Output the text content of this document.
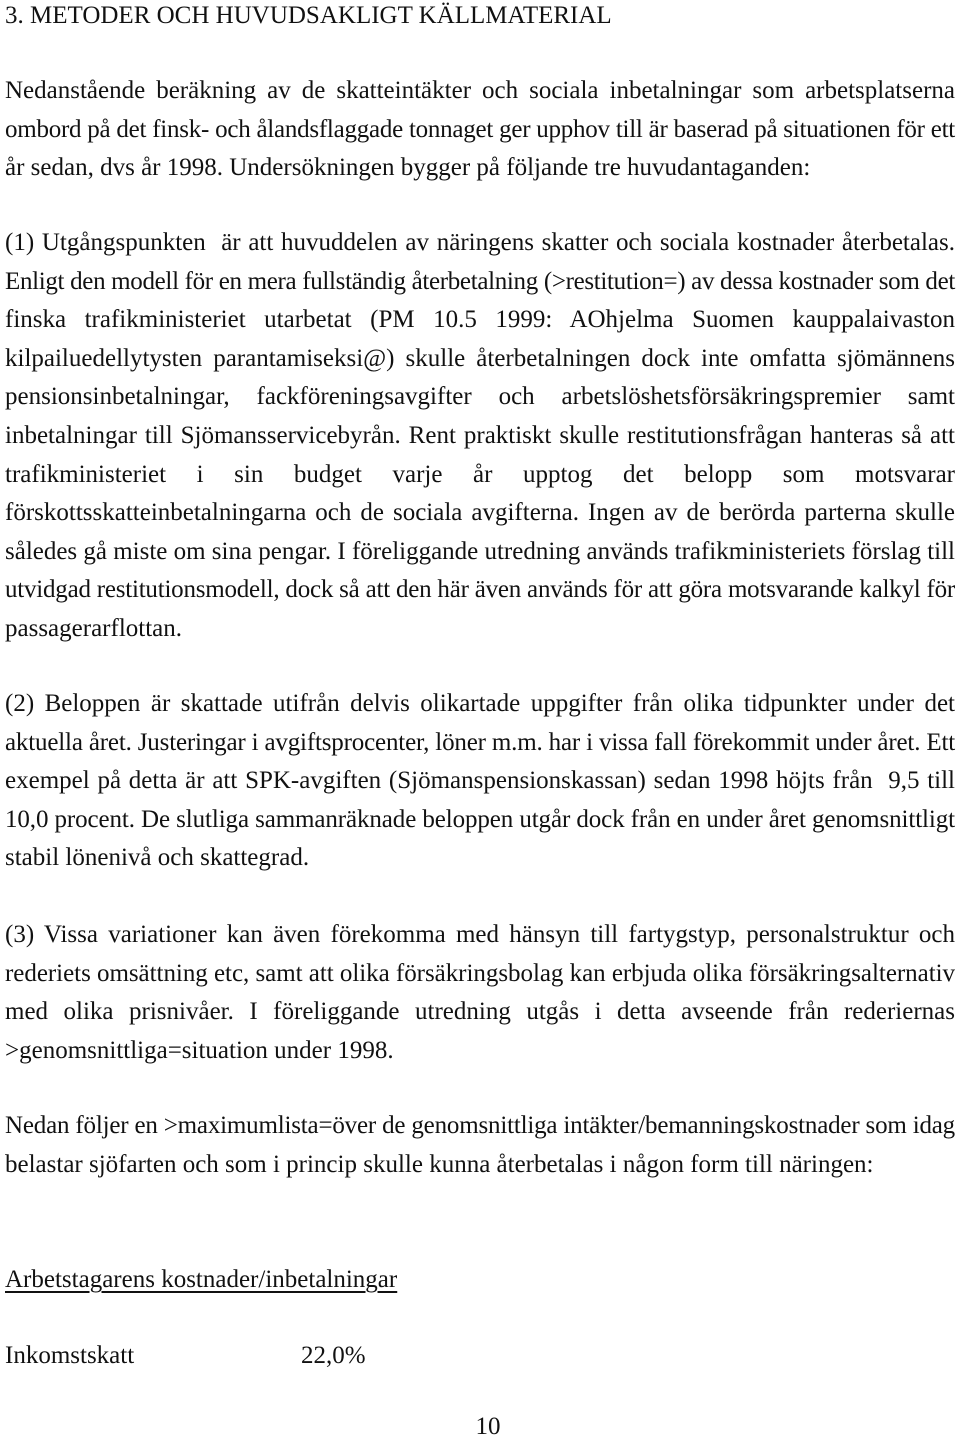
3. METODER OCH HUVUDSAKLIGT KÄLLMATERIAL
Nedanstående beräkning av de skatteintäkter och sociala inbetalningar som arbetsplatserna
ombord på det finsk- och ålandsflaggade tonnaget ger upphov till är baserad på situationen för ett
år sedan, dvs år 1998. Undersökningen bygger på följande tre huvudantaganden:
(1) Utgångspunkten  är att huvuddelen av näringens skatter och sociala kostnader återbetalas.
Enligt den modell för en mera fullständig återbetalning (>restitution=) av dessa kostnader som det
finska trafikministeriet utarbetat (PM 10.5 1999: AOhjelma Suomen kauppalaivaston
kilpailuedellytysten parantamiseksi@) skulle återbetalningen dock inte omfatta sjömännens
pensionsinbetalningar, fackföreningsavgifter och arbetslöshetsförsäkringspremier samt
inbetalningar till Sjömansservicebyrån. Rent praktiskt skulle restitutionsfrågan hanteras så att
trafikministeriet i sin budget varje år upptog det belopp som motsvarar
förskottsskatteinbetalningarna och de sociala avgifterna. Ingen av de berörda parterna skulle
således gå miste om sina pengar. I föreliggande utredning används trafikministeriets förslag till
utvidgad restitutionsmodell, dock så att den här även används för att göra motsvarande kalkyl för
passagerarflottan.
(2) Beloppen är skattade utifrån delvis olikartade uppgifter från olika tidpunkter under det
aktuella året. Justeringar i avgiftsprocenter, löner m.m. har i vissa fall förekommit under året. Ett
exempel på detta är att SPK-avgiften (Sjömanspensionskassan) sedan 1998 höjts från  9,5 till
10,0 procent. De slutliga sammanräknade beloppen utgår dock från en under året genomsnittligt
stabil lönenivå och skattegrad.
(3) Vissa variationer kan även förekomma med hänsyn till fartygstyp, personalstruktur och
rederiets omsättning etc, samt att olika försäkringsbolag kan erbjuda olika försäkringsalternativ
med olika prisnivåer. I föreliggande utredning utgås i detta avseende från rederiernas
>genomsnittliga=situation under 1998.
Nedan följer en >maximumlista=över de genomsnittliga intäkter/bemanningskostnader som idag
belastar sjöfarten och som i princip skulle kunna återbetalas i någon form till näringen:
Arbetstagarens kostnader/inbetalningar
Inkomstskatt	22,0%
10
